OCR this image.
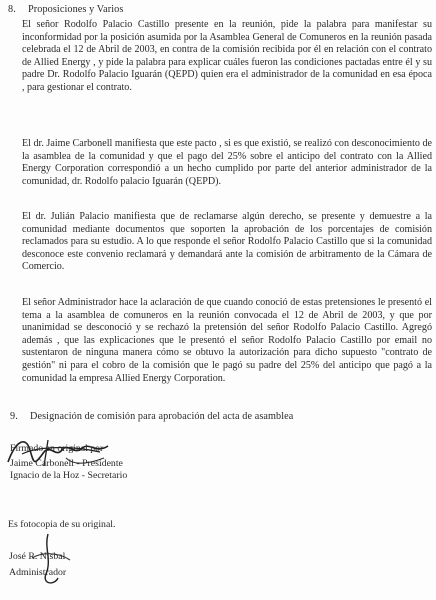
8. Proposiciones y Varios

El señor Rodolfo Palacio Castillo presente en la reunión, pide la palabra para manifestar su inconformidad por la posición asumida por la Asamblea General de Comuneros en la reunión pasada celebrada el 12 de Abril de 2003, en contra de la comisión recibida por él en relación con el contrato de Allied Energy , y pide la palabra para explicar cuáles fueron las condiciones pactadas entre él y su padre Dr. Rodolfo Palacio Iguarán (QEPD) quien era el administrador de la comunidad en esa época , para gestionar el contrato.

El dr. Jaime Carbonell manifiesta que este pacto , si es que existió, se realizó con desconocimiento de la asamblea de la comunidad y que el pago del 25% sobre el anticipo del contrato con la Allied Energy Corporation correspondió a un hecho cumplido por parte del anterior administrador de la comunidad, dr. Rodolfo palacio Iguarán (QEPD).

El dr. Julián Palacio manifiesta que de reclamarse algún derecho, se presente y demuestre a la comunidad mediante documentos que soporten la aprobación de los porcentajes de comisión reclamados para su estudio. A lo que responde el señor Rodolfo Palacio Castillo que si la comunidad desconoce este convenio reclamará y demandará ante la comisión de arbitramento de la Cámara de Comercio.

El señor Administrador hace la aclaración de que cuando conoció de estas pretensiones le presentó el tema a la asamblea de comuneros en la reunión convocada el 12 de Abril de 2003, y que por unanimidad se desconoció y se rechazó la pretensión del señor Rodolfo Palacio Castillo. Agregó además , que las explicaciones que le presentó el señor Rodolfo Palacio Castillo por email no sustentaron de ninguna manera cómo se obtuvo la autorización para dicho supuesto "contrato de gestión" ni para el cobro de la comisión que le pagó su padre del 25% del anticipo que pagó a la comunidad la empresa Allied Energy Corporation.

9. Designación de comisión para aprobación del acta de asamblea
Firmado en original por
Jaime Carbonell - Presidente
Ignacio de la Hoz - Secretario
Es fotocopia de su original.
José R. Nisbal
Administrador
